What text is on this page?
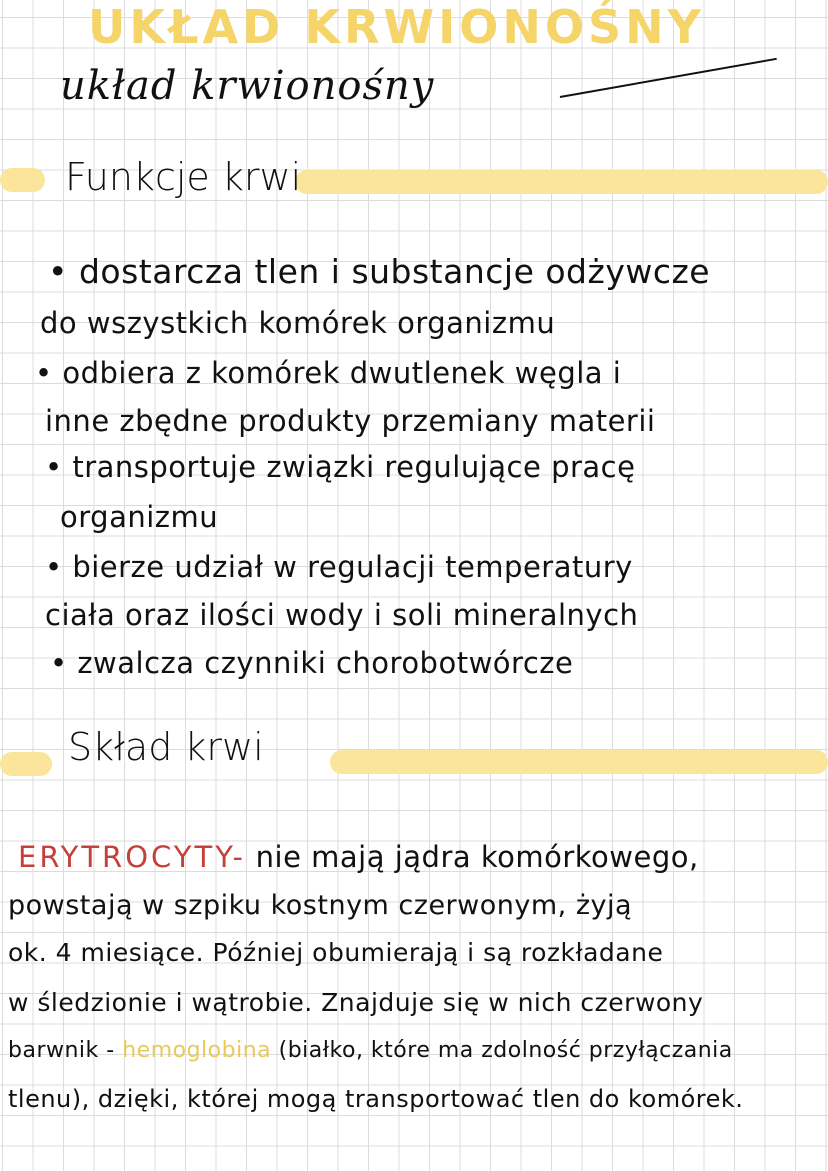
UKŁAD KRWIONOŚNY
układ krwionośny
Funkcje krwi
• dostarcza tlen i substancje odżywcze
do wszystkich komórek organizmu
• odbiera z komórek dwutlenek węgla i
inne zbędne produkty przemiany materii
• transportuje związki regulujące pracę
organizmu
• bierze udział w regulacji temperatury
ciała oraz ilości wody i soli mineralnych
• zwalcza czynniki chorobotwórcze
Skład krwi
ERYTROCYTY- nie mają jądra komórkowego,
powstają w szpiku kostnym czerwonym, żyją
ok. 4 miesiące. Później obumierają i są rozkładane
w śledzionie i wątrobie. Znajduje się w nich czerwony
barwnik - hemoglobina (białko, które ma zdolność przyłączania
tlenu), dzięki, której mogą transportować tlen do komórek.
